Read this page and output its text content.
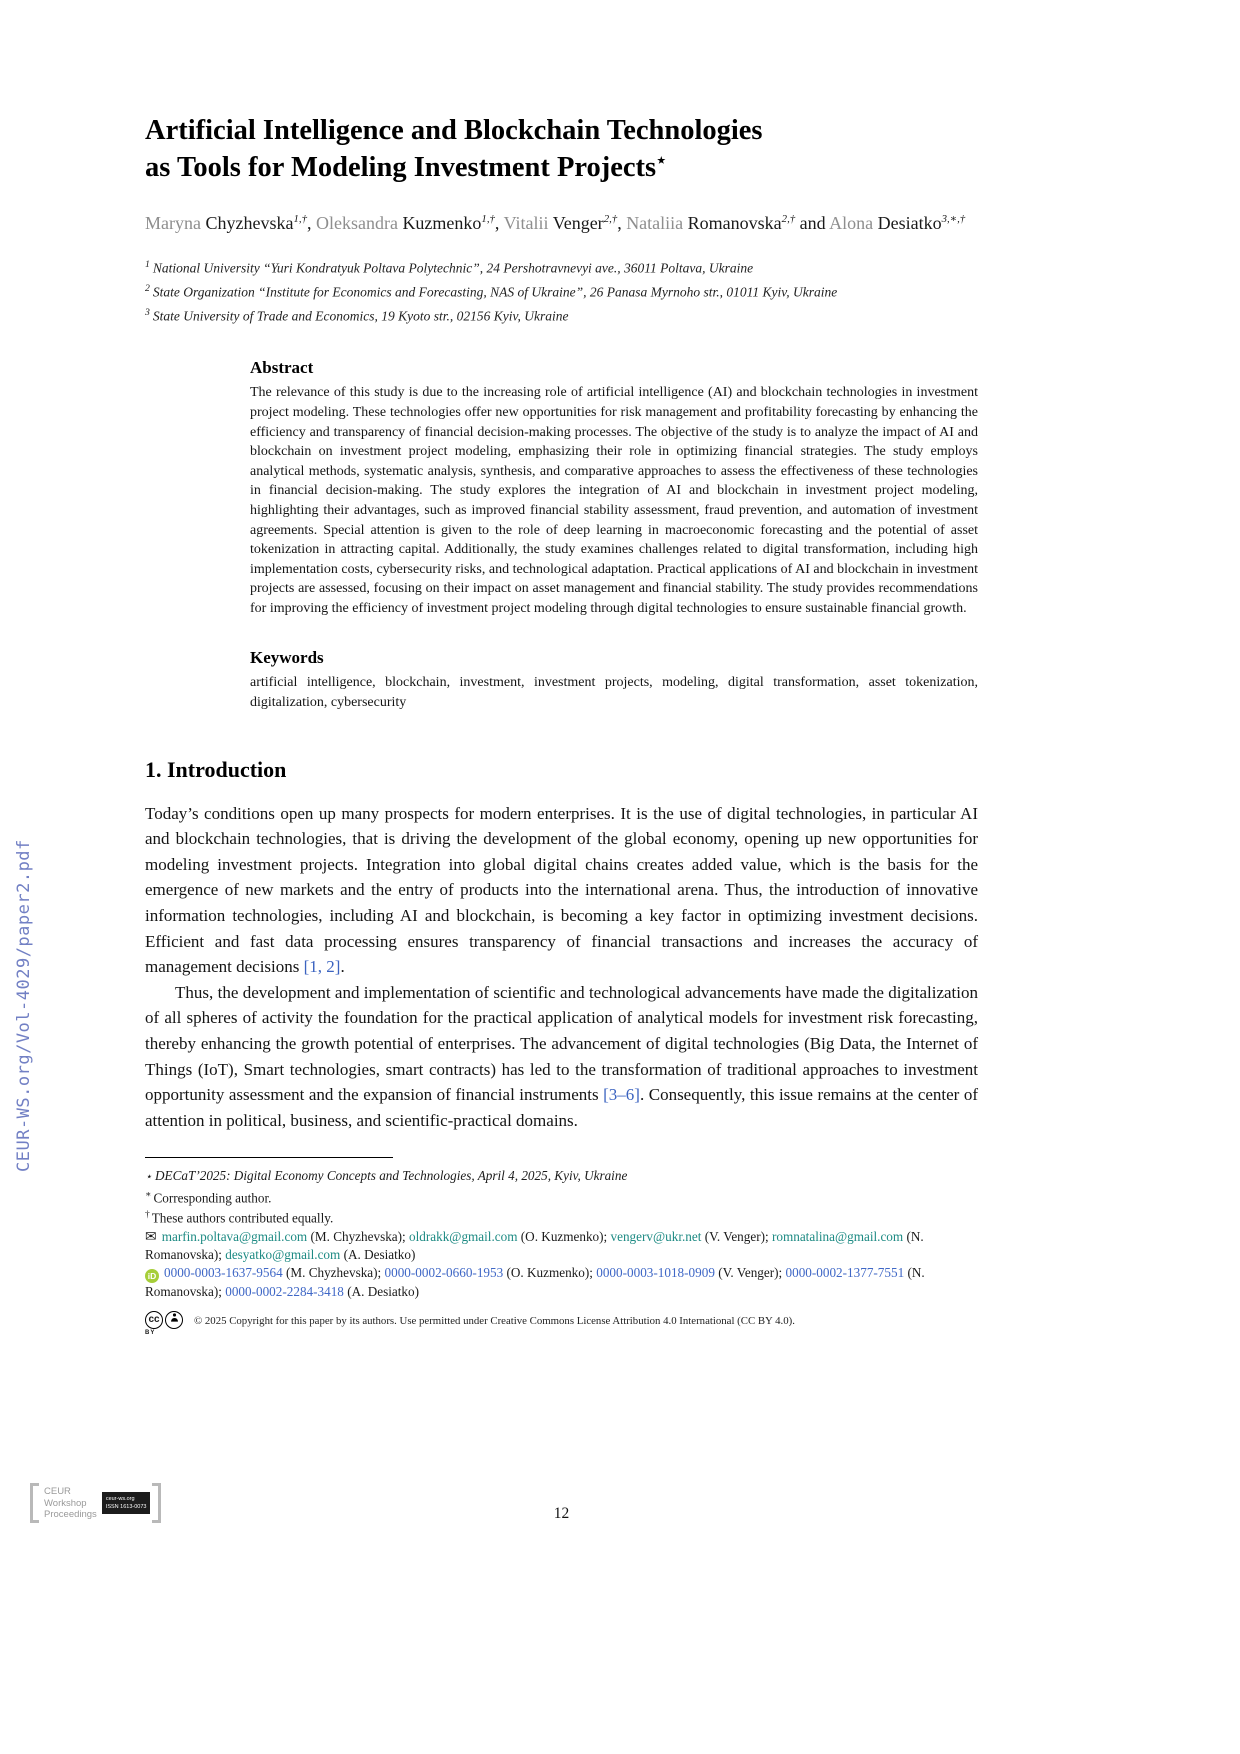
CEUR-WS.org/Vol-4029/paper2.pdf
Artificial Intelligence and Blockchain Technologies
as Tools for Modeling Investment Projects⋆
Maryna Chyzhevska$^{1,\dagger}$, Oleksandra Kuzmenko$^{1,\dagger}$, Vitalii Venger$^{2,\dagger}$, Nataliia Romanovska$^{2,\dagger}$ and Alona Desiatko$^{3,∗,\dagger}$
$^1$ National University “Yuri Kondratyuk Poltava Polytechnic”, 24 Pershotravnevyi ave., 36011 Poltava, Ukraine
$^2$ State Organization “Institute for Economics and Forecasting, NAS of Ukraine”, 26 Panasa Myrnoho str., 01011 Kyiv, Ukraine
$^3$ State University of Trade and Economics, 19 Kyoto str., 02156 Kyiv, Ukraine
Abstract
The relevance of this study is due to the increasing role of artificial intelligence (AI) and blockchain technologies in investment project modeling. These technologies offer new opportunities for risk management and profitability forecasting by enhancing the efficiency and transparency of financial decision-making processes. The objective of the study is to analyze the impact of AI and blockchain on investment project modeling, emphasizing their role in optimizing financial strategies. The study employs analytical methods, systematic analysis, synthesis, and comparative approaches to assess the effectiveness of these technologies in financial decision-making. The study explores the integration of AI and blockchain in investment project modeling, highlighting their advantages, such as improved financial stability assessment, fraud prevention, and automation of investment agreements. Special attention is given to the role of deep learning in macroeconomic forecasting and the potential of asset tokenization in attracting capital. Additionally, the study examines challenges related to digital transformation, including high implementation costs, cybersecurity risks, and technological adaptation. Practical applications of AI and blockchain in investment projects are assessed, focusing on their impact on asset management and financial stability. The study provides recommendations for improving the efficiency of investment project modeling through digital technologies to ensure sustainable financial growth.
Keywords
artificial intelligence, blockchain, investment, investment projects, modeling, digital transformation, asset tokenization, digitalization, cybersecurity
1. Introduction

Today’s conditions open up many prospects for modern enterprises. It is the use of digital technologies, in particular AI and blockchain technologies, that is driving the development of the global economy, opening up new opportunities for modeling investment projects. Integration into global digital chains creates added value, which is the basis for the emergence of new markets and the entry of products into the international arena. Thus, the introduction of innovative information technologies, including AI and blockchain, is becoming a key factor in optimizing investment decisions. Efficient and fast data processing ensures transparency of financial transactions and increases the accuracy of management decisions [1, 2].

Thus, the development and implementation of scientific and technological advancements have made the digitalization of all spheres of activity the foundation for the practical application of analytical models for investment risk forecasting, thereby enhancing the growth potential of enterprises. The advancement of digital technologies (Big Data, the Internet of Things (IoT), Smart technologies, smart contracts) has led to the transformation of traditional approaches to investment opportunity assessment and the expansion of financial instruments [3–6]. Consequently, this issue remains at the center of attention in political, business, and scientific-practical domains.

⋆ DECaT’2025: Digital Economy Concepts and Technologies, April 4, 2025, Kyiv, Ukraine
∗ Corresponding author.
† These authors contributed equally.
✉ marfin.poltava@gmail.com (M. Chyzhevska); oldrakk@gmail.com (O. Kuzmenko); vengerv@ukr.net (V. Venger); romnatalina@gmail.com (N. Romanovska); desyatko@gmail.com (A. Desiatko)
iD 0000-0003-1637-9564 (M. Chyzhevska); 0000-0002-0660-1953 (O. Kuzmenko); 0000-0003-1018-0909 (V. Venger); 0000-0002-1377-7551 (N. Romanovska); 0000-0002-2284-3418 (A. Desiatko)
cc
BY
© 2025 Copyright for this paper by its authors. Use permitted under Creative Commons License Attribution 4.0 International (CC BY 4.0).
CEUR
Workshop
Proceedings
ceur-ws.org
ISSN 1613-0073	12
